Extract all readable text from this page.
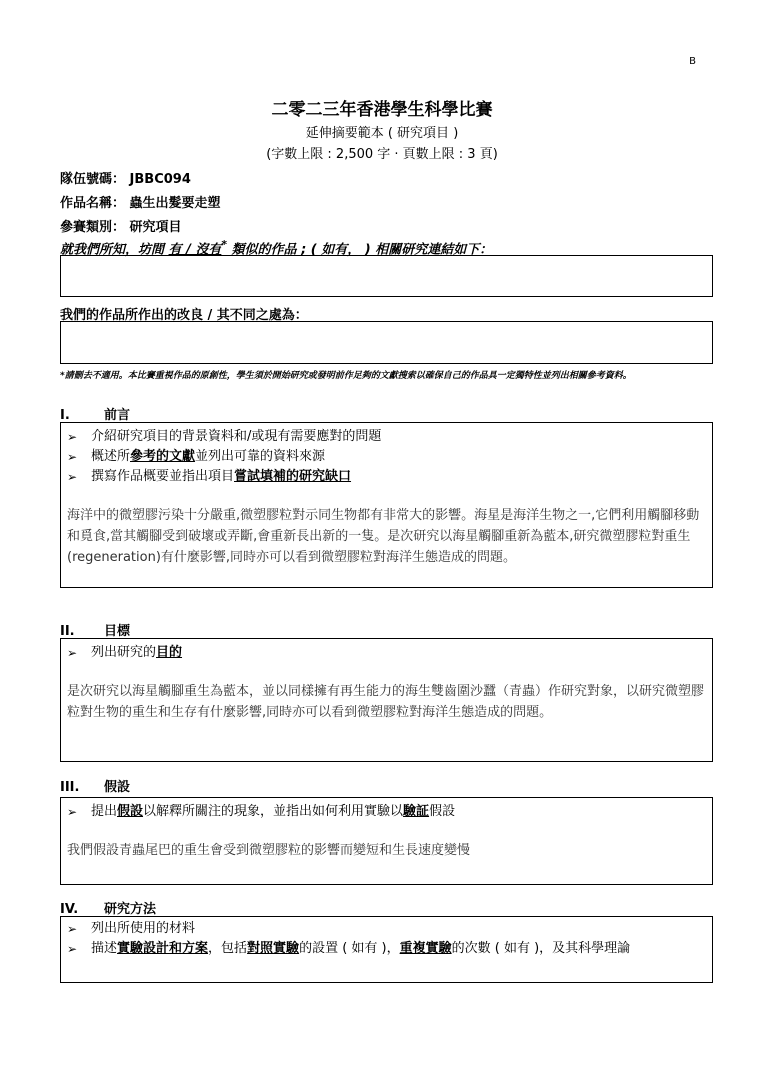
B
二零二三年香港學生科學比賽
延伸摘要範本 ( 研究項目 )
(字數上限 : 2,500 字 · 頁數上限 : 3 頁)
隊伍號碼： JBBC094
作品名稱： 蟲生出髮要走塑
參賽類別： 研究項目
就我們所知，坊間 有 / 沒有* 類似的作品 ; ( 如有， ) 相關研究連結如下：
我們的作品所作出的改良 / 其不同之處為：
*請刪去不適用。本比賽重視作品的原創性，學生須於開始研究或發明前作足夠的文獻搜索以確保自己的作品具一定獨特性並列出相關參考資料。
I.	前言
➢ 介紹研究項目的背景資料和/或現有需要應對的問題
➢ 概述所參考的文獻並列出可靠的資料來源
➢ 撰寫作品概要並指出項目嘗試填補的研究缺口
海洋中的微塑膠污染十分嚴重,微塑膠粒對示同生物都有非常大的影響。海星是海洋生物之一,它們利用觸腳移動和覓食,當其觸腳受到破壞或弄斷,會重新長出新的一隻。是次研究以海星觸腳重新為藍本,研究微塑膠粒對重生(regeneration)有什麼影響,同時亦可以看到微塑膠粒對海洋生態造成的問題。
II. 目標
➢ 列出研究的目的
是次研究以海星觸腳重生為藍本，並以同樣擁有再生能力的海生雙齒圍沙蠶（青蟲）作研究對象，以研究微塑膠粒對生物的重生和生存有什麼影響,同時亦可以看到微塑膠粒對海洋生態造成的問題。
III. 假設
➢ 提出假設以解釋所關注的現象，並指出如何利用實驗以驗証假設
我們假設青蟲尾巴的重生會受到微塑膠粒的影響而變短和生長速度變慢
IV. 研究方法
➢ 列出所使用的材料
➢ 描述實驗設計和方案，包括對照實驗的設置 ( 如有 )，重複實驗的次數 ( 如有 )，及其科學理論
